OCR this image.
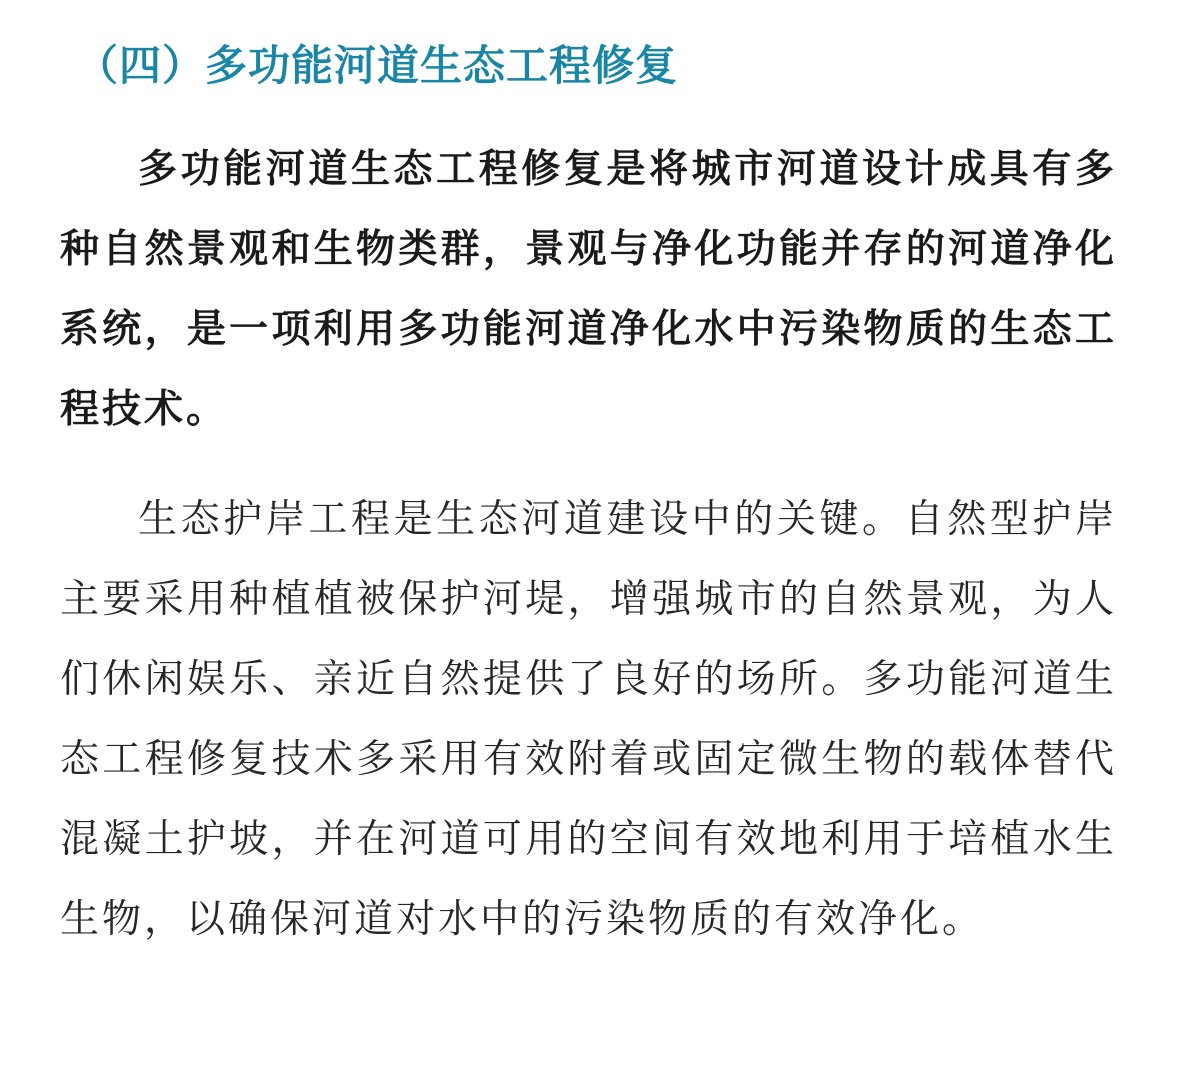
（四）多功能河道生态工程修复

多功能河道生态工程修复是将城市河道设计成具有多种自然景观和生物类群，景观与净化功能并存的河道净化系统，是一项利用多功能河道净化水中污染物质的生态工程技术。

生态护岸工程是生态河道建设中的关键。自然型护岸主要采用种植植被保护河堤，增强城市的自然景观，为人们休闲娱乐、亲近自然提供了良好的场所。多功能河道生态工程修复技术多采用有效附着或固定微生物的载体替代混凝土护坡，并在河道可用的空间有效地利用于培植水生生物，以确保河道对水中的污染物质的有效净化。
